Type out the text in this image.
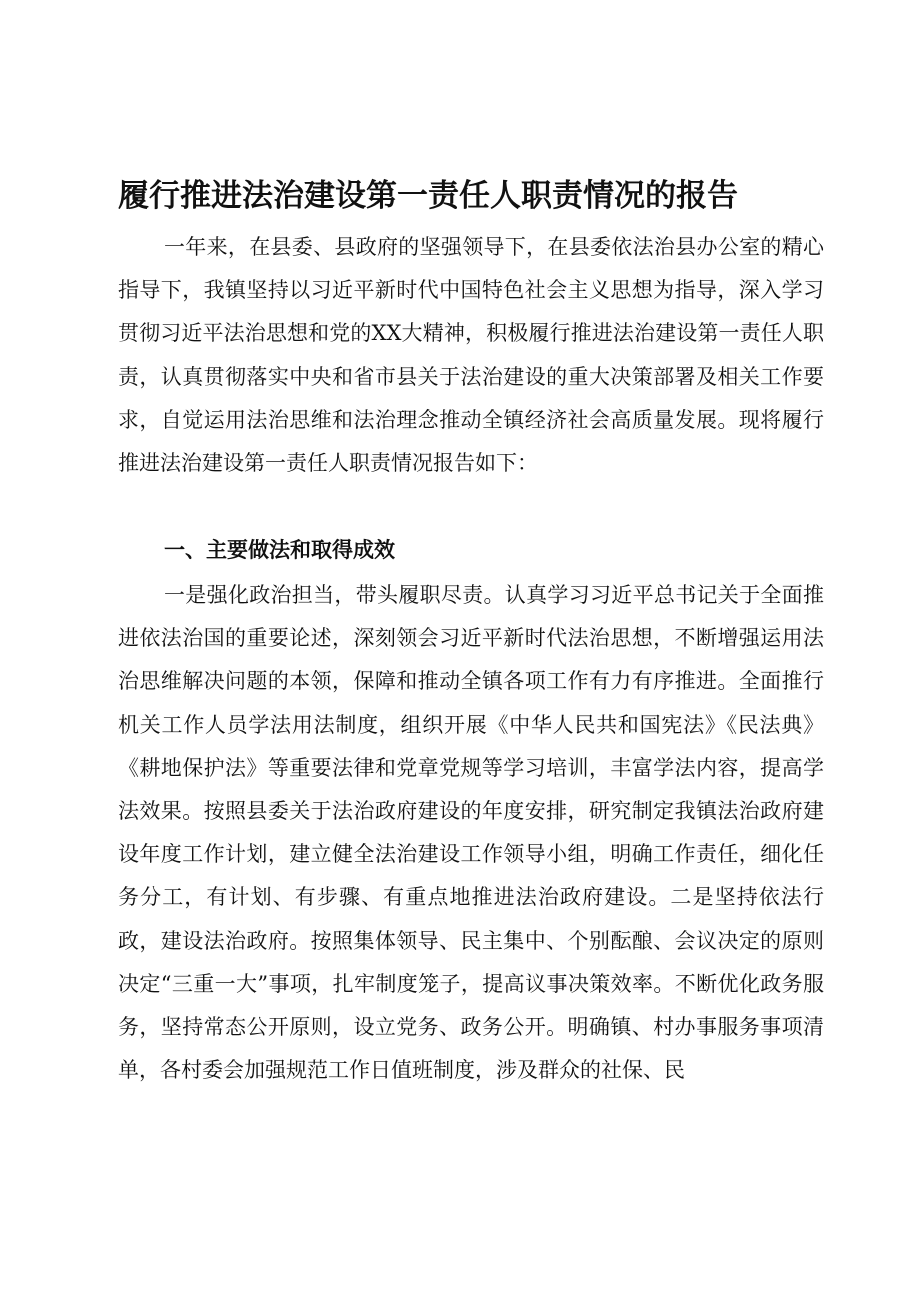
履行推进法治建设第一责任人职责情况的报告

一年来，在县委、县政府的坚强领导下，在县委依法治县办公室的精心指导下，我镇坚持以习近平新时代中国特色社会主义思想为指导，深入学习贯彻习近平法治思想和党的XX大精神，积极履行推进法治建设第一责任人职责，认真贯彻落实中央和省市县关于法治建设的重大决策部署及相关工作要求，自觉运用法治思维和法治理念推动全镇经济社会高质量发展。现将履行推进法治建设第一责任人职责情况报告如下：

一、主要做法和取得成效

一是强化政治担当，带头履职尽责。认真学习习近平总书记关于全面推进依法治国的重要论述，深刻领会习近平新时代法治思想，不断增强运用法治思维解决问题的本领，保障和推动全镇各项工作有力有序推进。全面推行机关工作人员学法用法制度，组织开展《中华人民共和国宪法》《民法典》《耕地保护法》等重要法律和党章党规等学习培训，丰富学法内容，提高学法效果。按照县委关于法治政府建设的年度安排，研究制定我镇法治政府建设年度工作计划，建立健全法治建设工作领导小组，明确工作责任，细化任务分工，有计划、有步骤、有重点地推进法治政府建设。二是坚持依法行政，建设法治政府。按照集体领导、民主集中、个别酝酿、会议决定的原则决定“三重一大”事项，扎牢制度笼子，提高议事决策效率。不断优化政务服务，坚持常态公开原则，设立党务、政务公开。明确镇、村办事服务事项清单，各村委会加强规范工作日值班制度，涉及群众的社保、民
